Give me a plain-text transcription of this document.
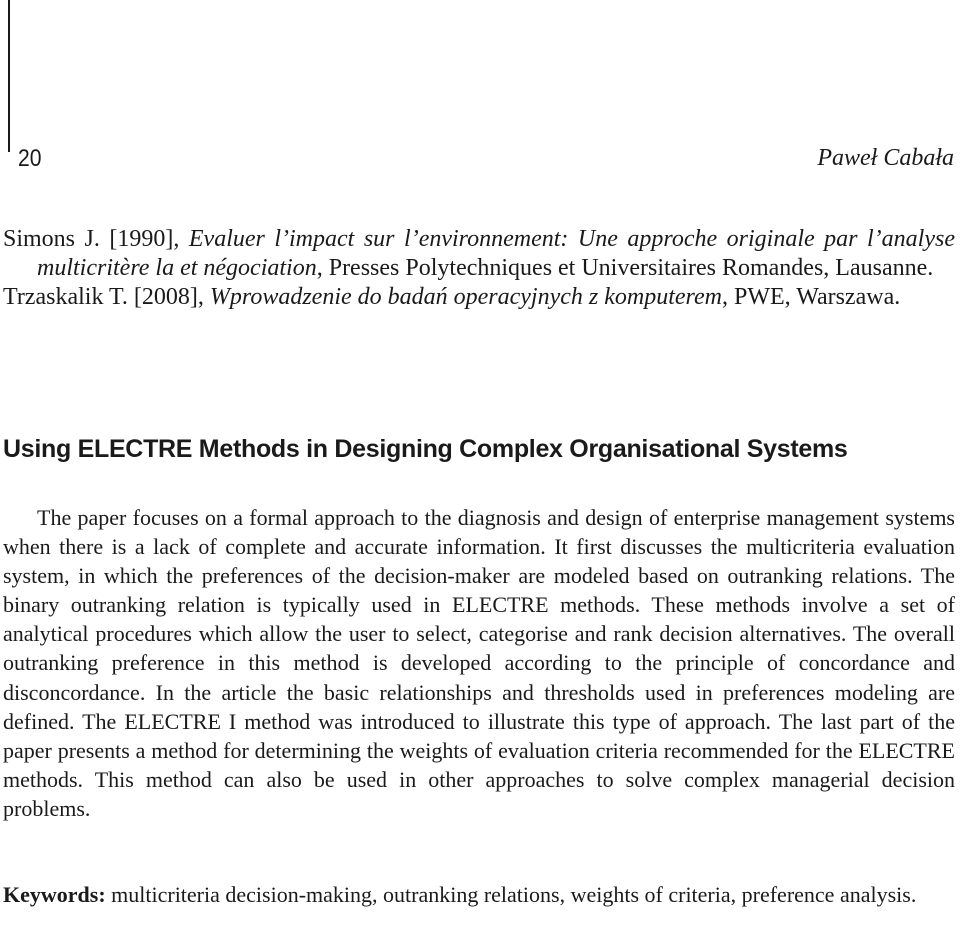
20	Paweł Cabała

Simons J. [1990], Evaluer l’impact sur l’environnement: Une approche originale par l’analyse multicritère la et négociation, Presses Polytechniques et Universitaires Romandes, Lausanne.

Trzaskalik T. [2008], Wprowadzenie do badań operacyjnych z komputerem, PWE, Warszawa.

Using ELECTRE Methods in Designing Complex Organisational Systems

The paper focuses on a formal approach to the diagnosis and design of enterprise management systems when there is a lack of complete and accurate information. It first discusses the multicriteria evaluation system, in which the preferences of the decision-maker are modeled based on outranking relations. The binary outranking relation is typically used in ELECTRE methods. These methods involve a set of analytical procedures which allow the user to select, categorise and rank decision alternatives. The overall outranking preference in this method is developed according to the principle of concordance and disconcordance. In the article the basic relationships and thresholds used in preferences modeling are defined. The ELECTRE I method was introduced to illustrate this type of approach. The last part of the paper presents a method for determining the weights of evaluation criteria recommended for the ELECTRE methods. This method can also be used in other approaches to solve complex managerial decision problems.

Keywords: multicriteria decision-making, outranking relations, weights of criteria, preference analysis.
